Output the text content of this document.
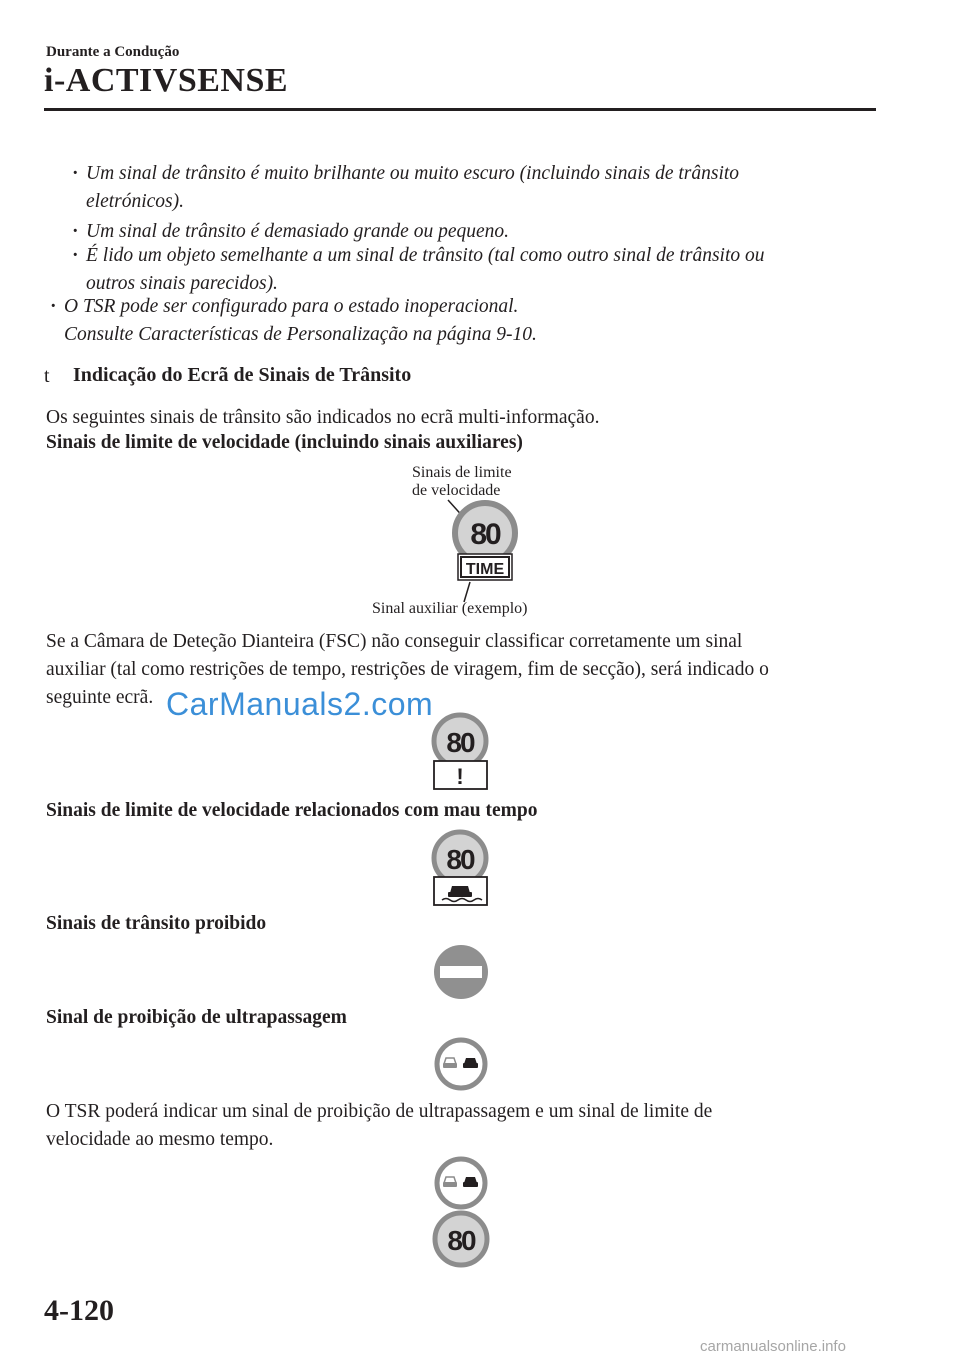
Durante a Condução
i-ACTIVSENSE
· Um sinal de trânsito é muito brilhante ou muito escuro (incluindo sinais de trânsito
eletrónicos).
· Um sinal de trânsito é demasiado grande ou pequeno.
· É lido um objeto semelhante a um sinal de trânsito (tal como outro sinal de trânsito ou
outros sinais parecidos).
· O TSR pode ser configurado para o estado inoperacional.
Consulte Características de Personalização na página 9-10.
t Indicação do Ecrã de Sinais de Trânsito
Os seguintes sinais de trânsito são indicados no ecrã multi-informação.
Sinais de limite de velocidade (incluindo sinais auxiliares)
Sinais de limite
de velocidade
80
TIME
Sinal auxiliar (exemplo)
Se a Câmara de Deteção Dianteira (FSC) não conseguir classificar corretamente um sinal
auxiliar (tal como restrições de tempo, restrições de viragem, fim de secção), será indicado o
seguinte ecrã. CarManuals2.com
80
!
Sinais de limite de velocidade relacionados com mau tempo
80
Sinais de trânsito proibido
Sinal de proibição de ultrapassagem
O TSR poderá indicar um sinal de proibição de ultrapassagem e um sinal de limite de
velocidade ao mesmo tempo.
80
4-120
carmanualsonline.info
